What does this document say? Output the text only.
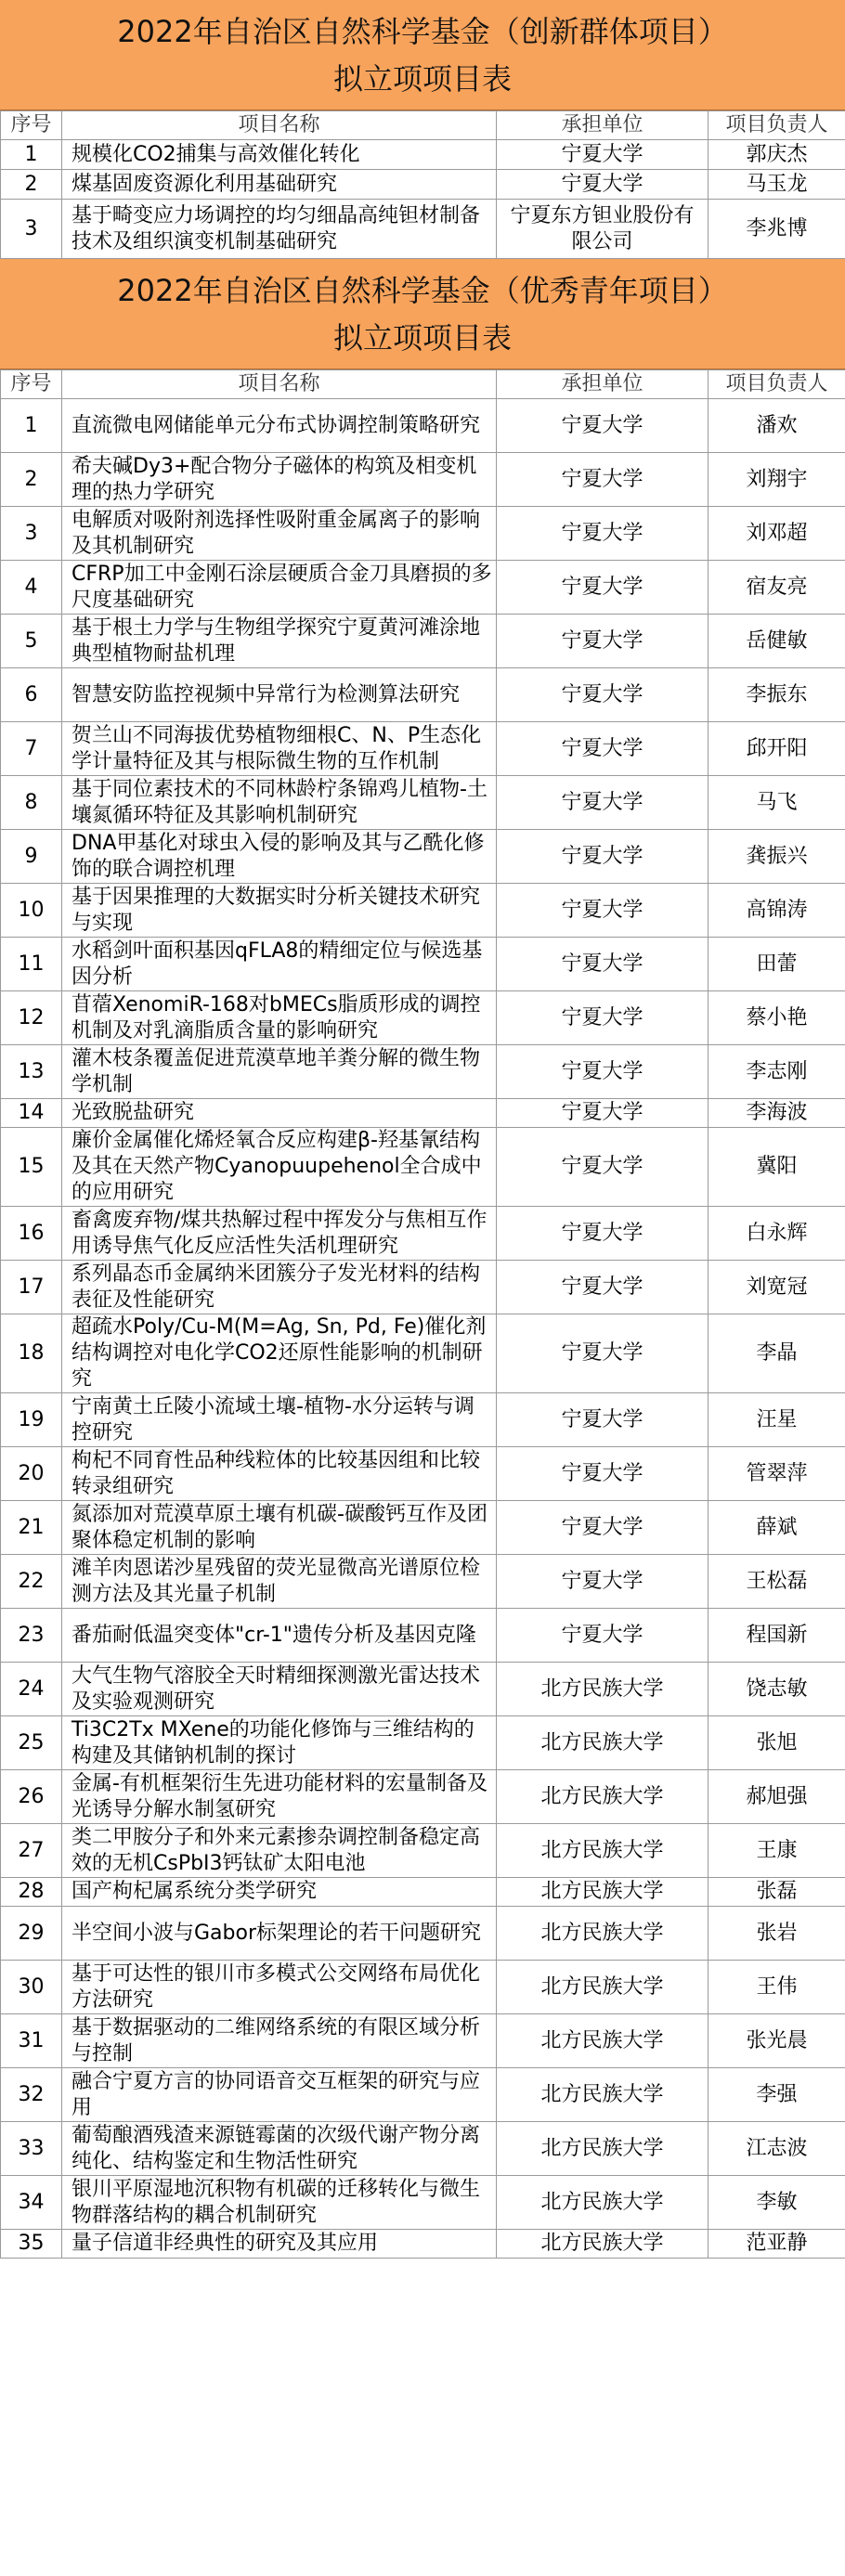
2022年自治区自然科学基金（创新群体项目）
拟立项项目表
序号	项目名称	承担单位	项目负责人
1	规模化CO2捕集与高效催化转化	宁夏大学	郭庆杰
2	煤基固废资源化利用基础研究	宁夏大学	马玉龙
3	基于畸变应力场调控的均匀细晶高纯钽材制备技术及组织演变机制基础研究	宁夏东方钽业股份有限公司	李兆博
2022年自治区自然科学基金（优秀青年项目）
拟立项项目表
序号	项目名称	承担单位	项目负责人
1	直流微电网储能单元分布式协调控制策略研究	宁夏大学	潘欢
2	希夫碱Dy3+配合物分子磁体的构筑及相变机理的热力学研究	宁夏大学	刘翔宇
3	电解质对吸附剂选择性吸附重金属离子的影响及其机制研究	宁夏大学	刘邓超
4	CFRP加工中金刚石涂层硬质合金刀具磨损的多尺度基础研究	宁夏大学	宿友亮
5	基于根土力学与生物组学探究宁夏黄河滩涂地典型植物耐盐机理	宁夏大学	岳健敏
6	智慧安防监控视频中异常行为检测算法研究	宁夏大学	李振东
7	贺兰山不同海拔优势植物细根C、N、P生态化学计量特征及其与根际微生物的互作机制	宁夏大学	邱开阳
8	基于同位素技术的不同林龄柠条锦鸡儿植物-土壤氮循环特征及其影响机制研究	宁夏大学	马飞
9	DNA甲基化对球虫入侵的影响及其与乙酰化修饰的联合调控机理	宁夏大学	龚振兴
10	基于因果推理的大数据实时分析关键技术研究与实现	宁夏大学	高锦涛
11	水稻剑叶面积基因qFLA8的精细定位与候选基因分析	宁夏大学	田蕾
12	苜蓿XenomiR-168对bMECs脂质形成的调控机制及对乳滴脂质含量的影响研究	宁夏大学	蔡小艳
13	灌木枝条覆盖促进荒漠草地羊粪分解的微生物学机制	宁夏大学	李志刚
14	光致脱盐研究	宁夏大学	李海波
15	廉价金属催化烯烃氧合反应构建β-羟基氰结构及其在天然产物Cyanopuupehenol全合成中的应用研究	宁夏大学	冀阳
16	畜禽废弃物/煤共热解过程中挥发分与焦相互作用诱导焦气化反应活性失活机理研究	宁夏大学	白永辉
17	系列晶态币金属纳米团簇分子发光材料的结构表征及性能研究	宁夏大学	刘宽冠
18	超疏水Poly/Cu-M(M=Ag, Sn, Pd, Fe)催化剂结构调控对电化学CO2还原性能影响的机制研究	宁夏大学	李晶
19	宁南黄土丘陵小流域土壤-植物-水分运转与调控研究	宁夏大学	汪星
20	枸杞不同育性品种线粒体的比较基因组和比较转录组研究	宁夏大学	管翠萍
21	氮添加对荒漠草原土壤有机碳-碳酸钙互作及团聚体稳定机制的影响	宁夏大学	薛斌
22	滩羊肉恩诺沙星残留的荧光显微高光谱原位检测方法及其光量子机制	宁夏大学	王松磊
23	番茄耐低温突变体"cr-1"遗传分析及基因克隆	宁夏大学	程国新
24	大气生物气溶胶全天时精细探测激光雷达技术及实验观测研究	北方民族大学	饶志敏
25	Ti3C2Tx MXene的功能化修饰与三维结构的构建及其储钠机制的探讨	北方民族大学	张旭
26	金属-有机框架衍生先进功能材料的宏量制备及光诱导分解水制氢研究	北方民族大学	郝旭强
27	类二甲胺分子和外来元素掺杂调控制备稳定高效的无机CsPbI3钙钛矿太阳电池	北方民族大学	王康
28	国产枸杞属系统分类学研究	北方民族大学	张磊
29	半空间小波与Gabor标架理论的若干问题研究	北方民族大学	张岩
30	基于可达性的银川市多模式公交网络布局优化方法研究	北方民族大学	王伟
31	基于数据驱动的二维网络系统的有限区域分析与控制	北方民族大学	张光晨
32	融合宁夏方言的协同语音交互框架的研究与应用	北方民族大学	李强
33	葡萄酿酒残渣来源链霉菌的次级代谢产物分离纯化、结构鉴定和生物活性研究	北方民族大学	江志波
34	银川平原湿地沉积物有机碳的迁移转化与微生物群落结构的耦合机制研究	北方民族大学	李敏
35	量子信道非经典性的研究及其应用	北方民族大学	范亚静
